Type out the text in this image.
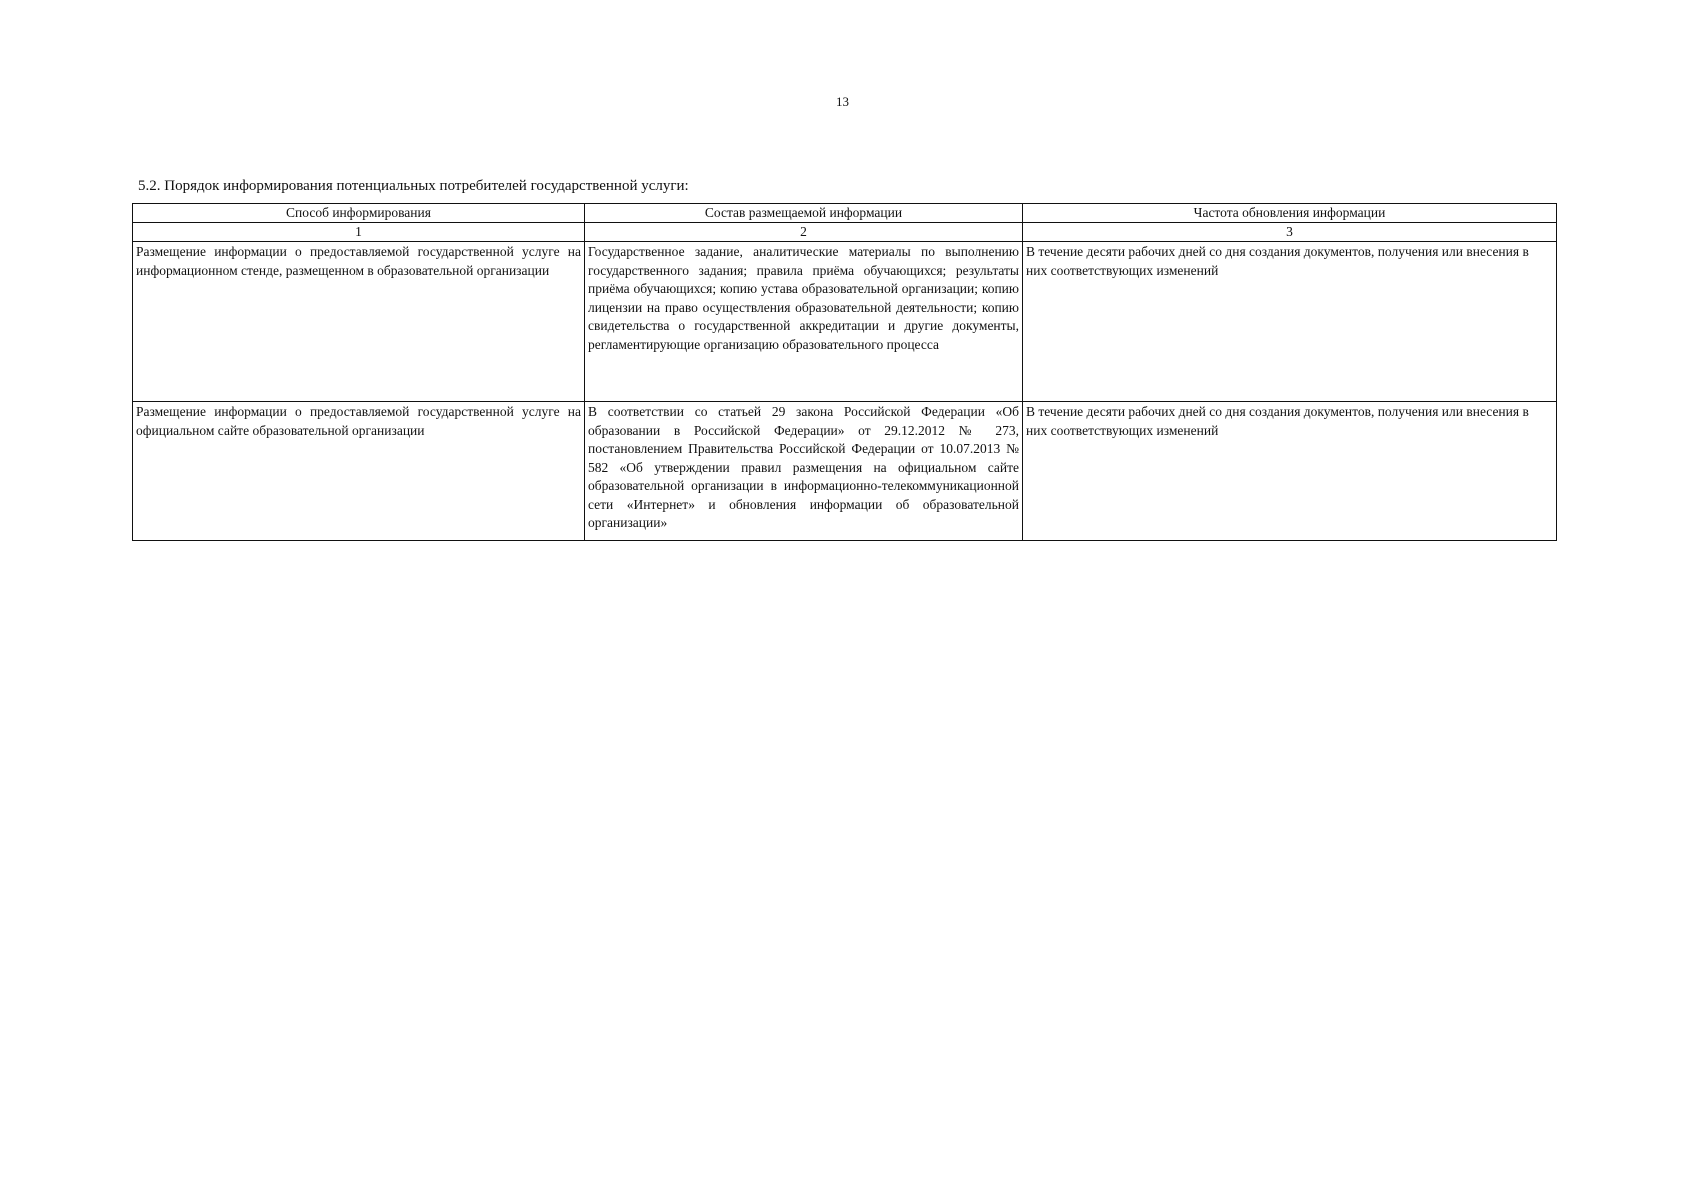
13
5.2. Порядок информирования потенциальных потребителей государственной услуги:
Способ информирования	Состав размещаемой информации	Частота обновления информации
1	2	3
Размещение информации о предоставляемой государственной услуге на информационном стенде, размещенном в образовательной организации	Государственное задание, аналитические материалы по выполнению государственного задания; правила приёма обучающихся; результаты приёма обучающихся; копию устава образовательной организации; копию лицензии на право осуществления образовательной деятельности; копию свидетельства о государственной аккредитации и другие документы, регламентирующие организацию образовательного процесса	В течение десяти рабочих дней со дня создания документов, получения или внесения в них соответствующих изменений
Размещение информации о предоставляемой государственной услуге на официальном сайте образовательной организации	В соответствии со статьей 29 закона Российской Федерации «Об образовании в Российской Федерации» от 29.12.2012 № 273, постановлением Правительства Российской Федерации от 10.07.2013 № 582 «Об утверждении правил размещения на официальном сайте образовательной организации в информационно-телекоммуникационной сети «Интернет» и обновления информации об образовательной организации»	В течение десяти рабочих дней со дня создания документов, получения или внесения в них соответствующих изменений
